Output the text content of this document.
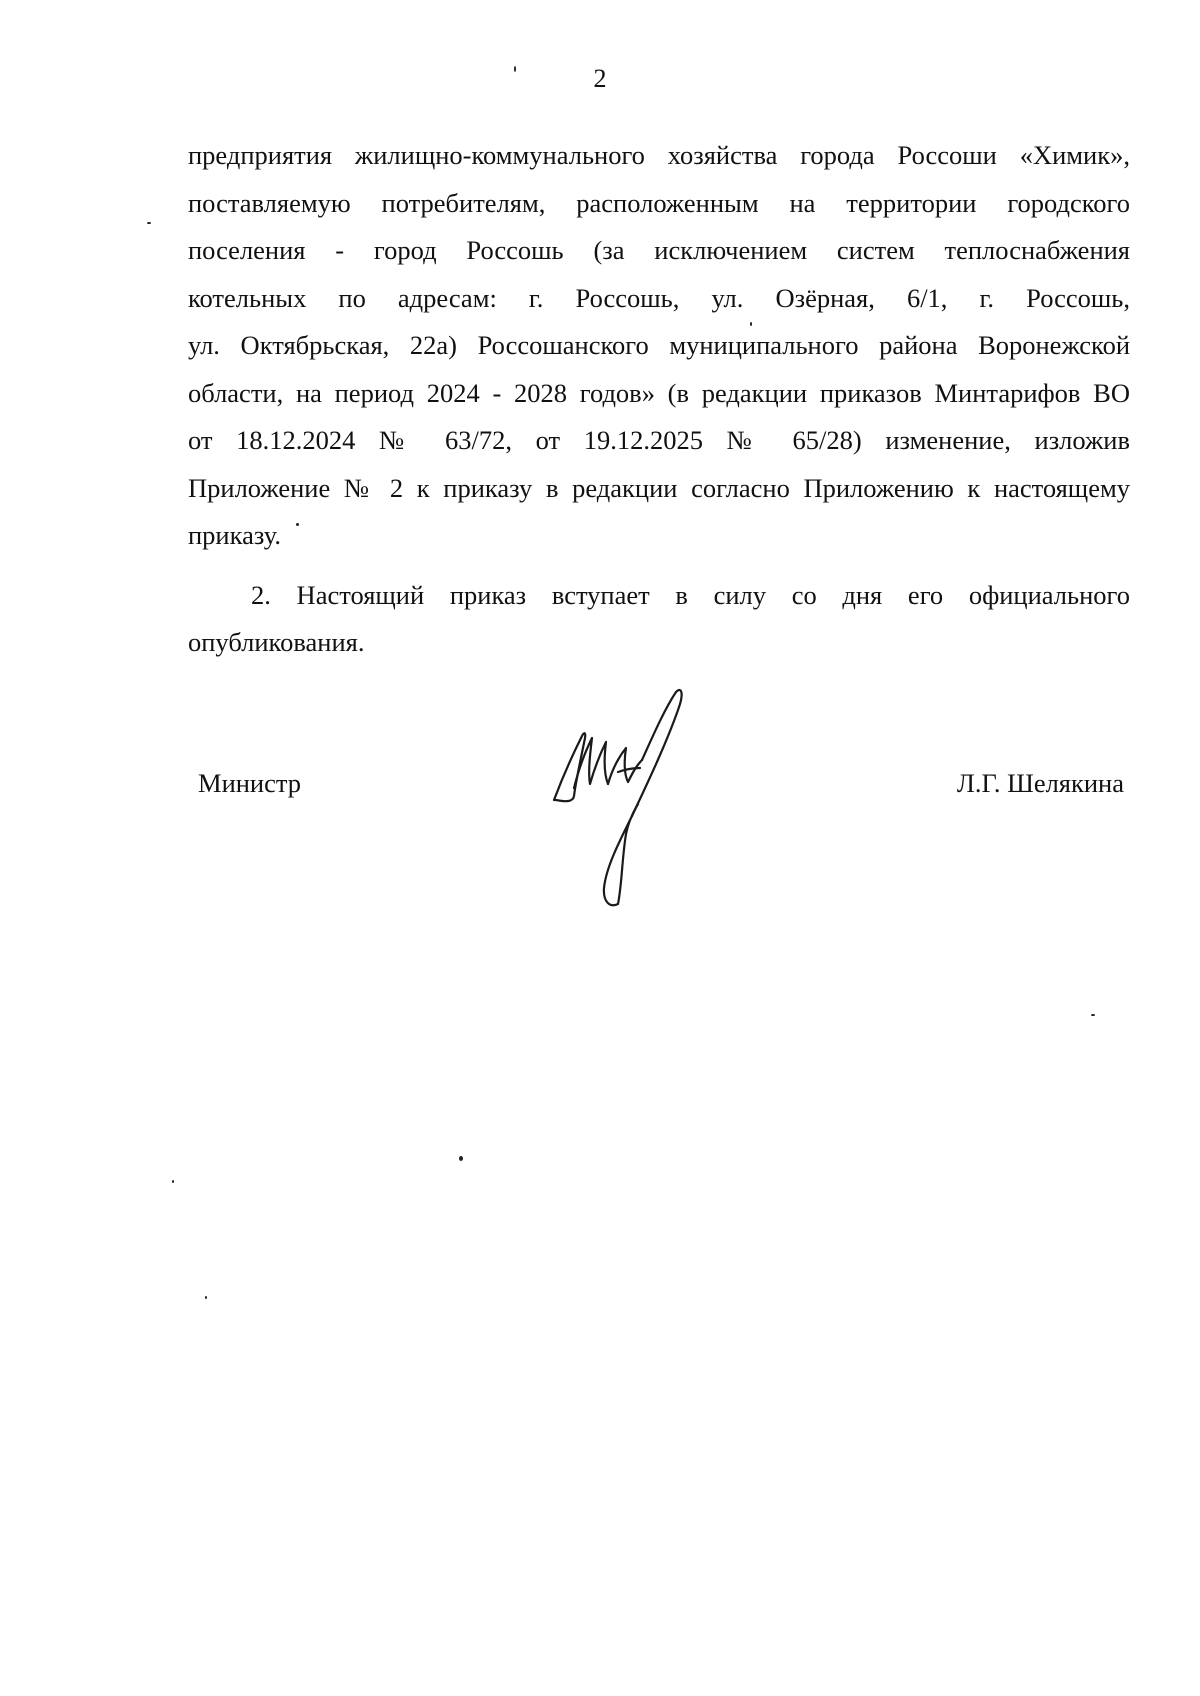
2
предприятия жилищно-коммунального хозяйства города Россоши «Химик»,
поставляемую потребителям, расположенным на территории городского
поселения - город Россошь (за исключением систем теплоснабжения
котельных по адресам: г. Россошь, ул. Озёрная, 6/1, г. Россошь,
ул. Октябрьская, 22а) Россошанского муниципального района Воронежской
области, на период 2024 - 2028 годов» (в редакции приказов Минтарифов ВО
от 18.12.2024 № 63/72, от 19.12.2025 № 65/28) изменение, изложив
Приложение № 2 к приказу в редакции согласно Приложению к настоящему
приказу.
2. Настоящий приказ вступает в силу со дня его официального
опубликования.
Министр	Л.Г. Шелякина
